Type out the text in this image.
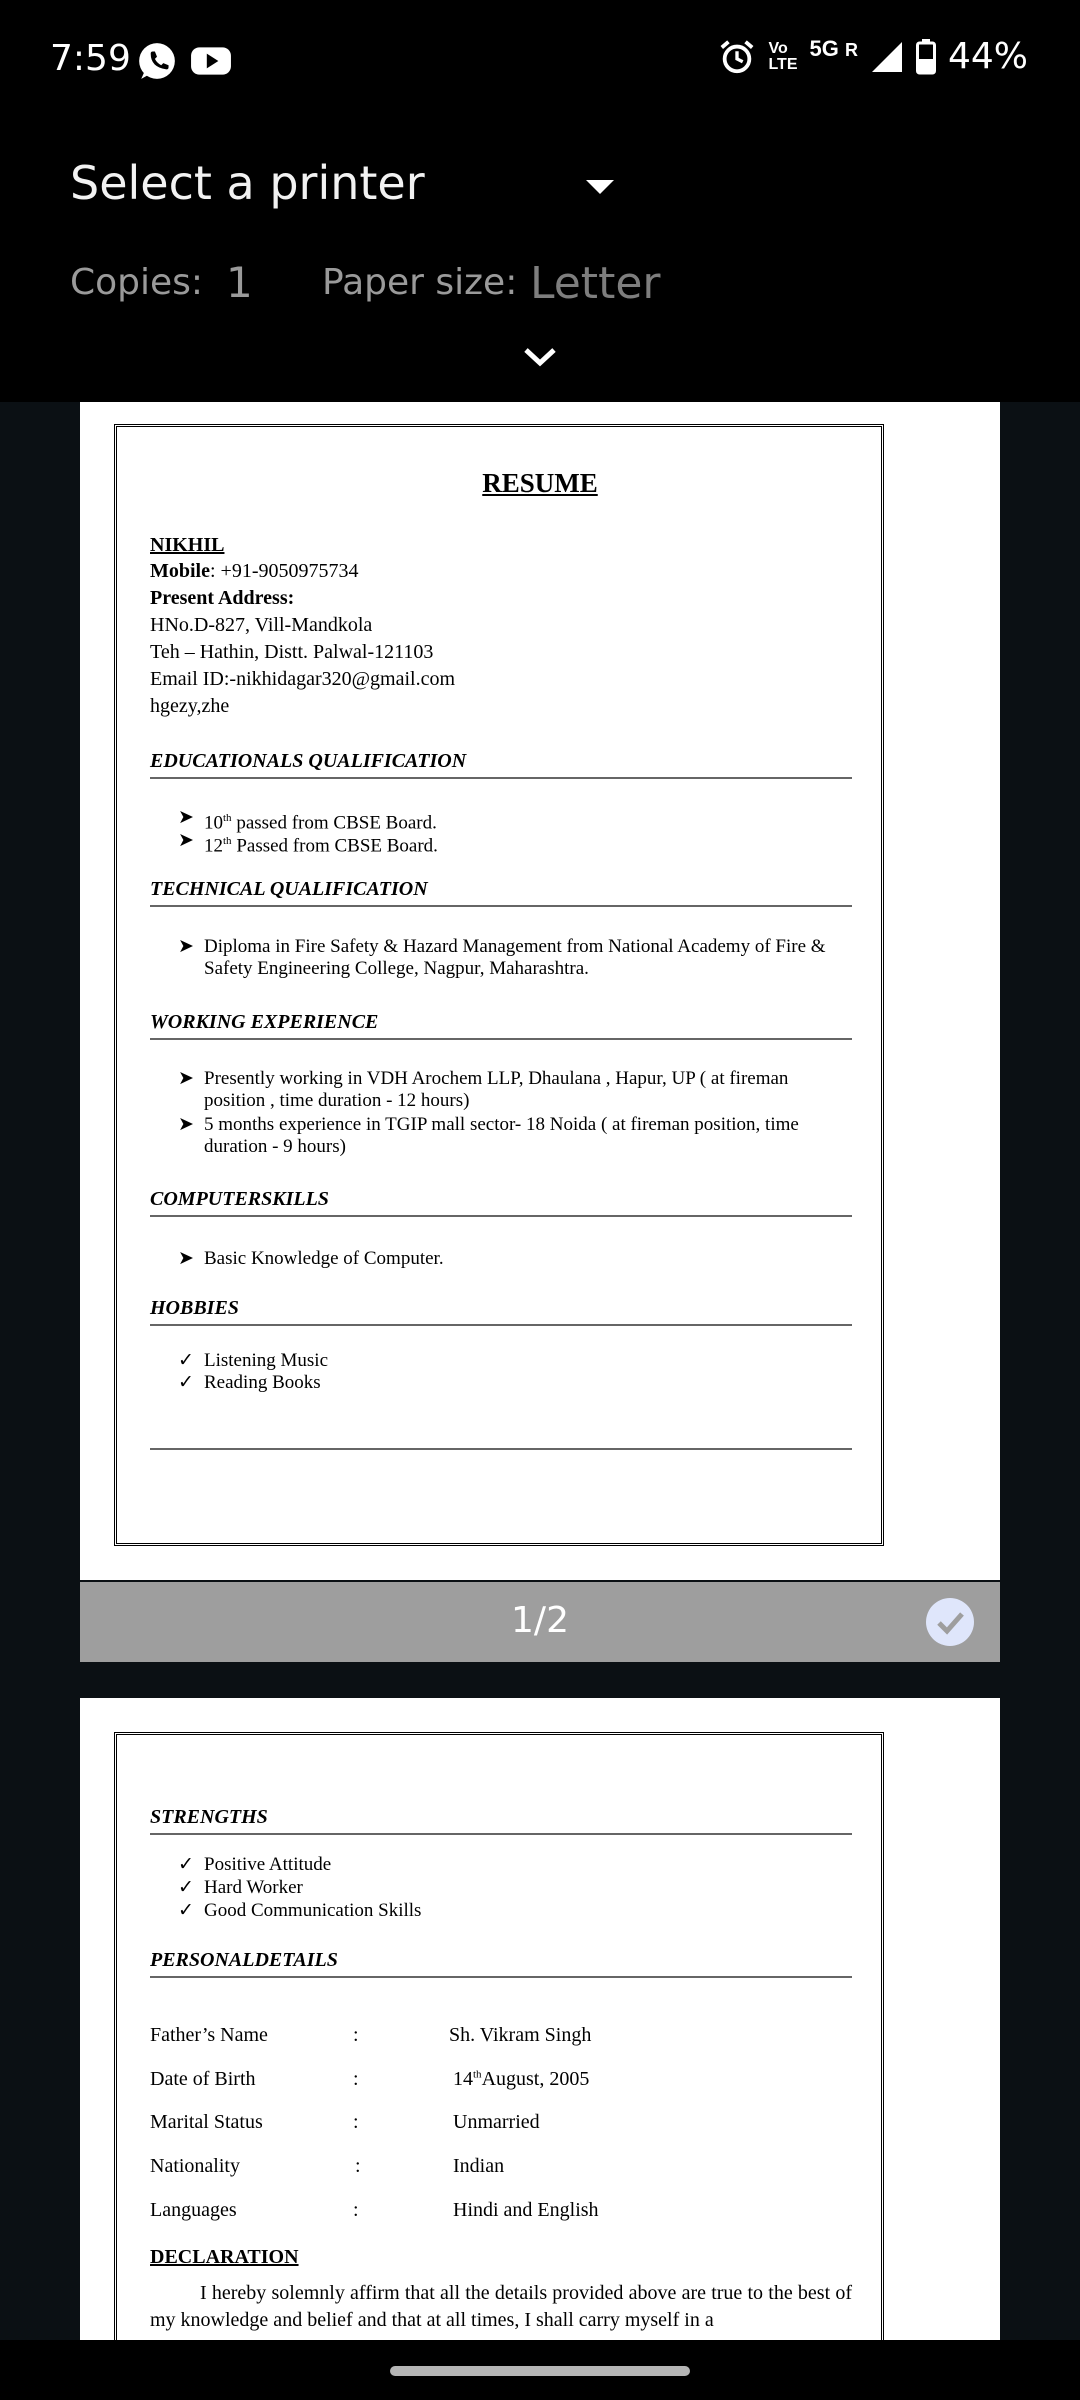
7:59	Vo
LTE
5G R	44%
Select a printer
Copies: 1 Paper size: Letter
RESUME
NIKHIL
Mobile: +91-9050975734
Present Address:
HNo.D-827, Vill-Mandkola
Teh – Hathin, Distt. Palwal-121103
Email ID:-nikhidagar320@gmail.com
hgezy,zhe
EDUCATIONALS QUALIFICATION
➤ 10th passed from CBSE Board.
➤ 12th Passed from CBSE Board.
TECHNICAL QUALIFICATION
➤ Diploma in Fire Safety & Hazard Management from National Academy of Fire & Safety Engineering College, Nagpur, Maharashtra.
WORKING EXPERIENCE
➤ Presently working in VDH Arochem LLP, Dhaulana , Hapur, UP ( at fireman position , time duration - 12 hours)
➤ 5 months experience in TGIP mall sector- 18 Noida ( at fireman position, time duration - 9 hours)
COMPUTERSKILLS
➤ Basic Knowledge of Computer.
HOBBIES
✓ Listening Music
✓ Reading Books
1/2
STRENGTHS
✓ Positive Attitude
✓ Hard Worker
✓ Good Communication Skills
PERSONALDETAILS
Father’s Name	:	Sh. Vikram Singh
Date of Birth	:	14thAugust, 2005
Marital Status	:	Unmarried
Nationality	:	Indian
Languages	:	Hindi and English
DECLARATION
I hereby solemnly affirm that all the details provided above are true to the best of my knowledge and belief and that at all times, I shall carry myself in a
